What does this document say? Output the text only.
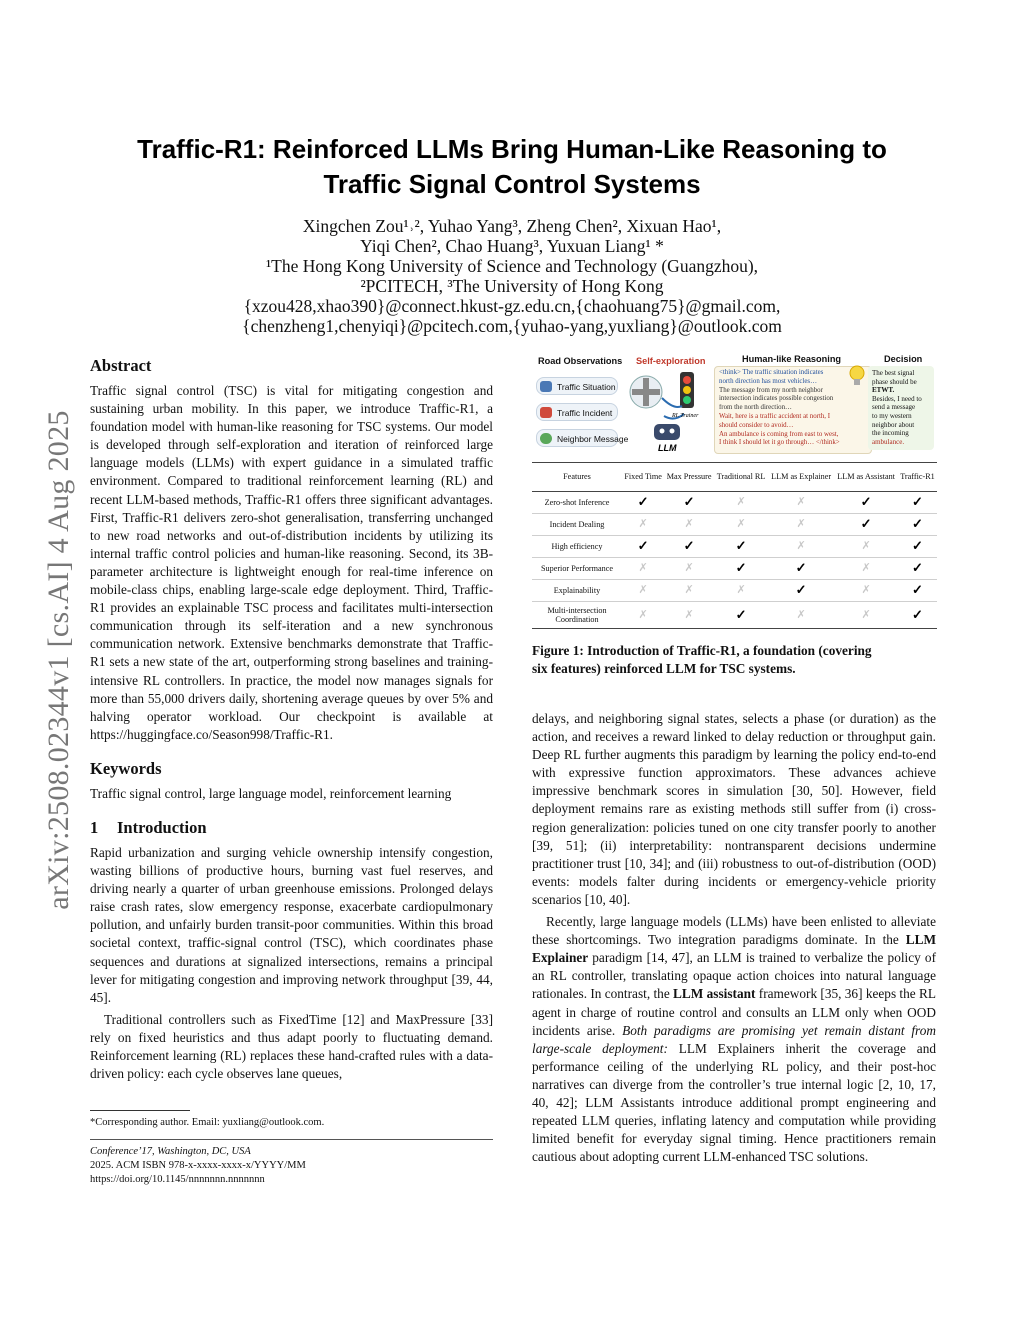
arXiv:2508.02344v1 [cs.AI] 4 Aug 2025
Traffic-R1: Reinforced LLMs Bring Human-Like Reasoning to
Traffic Signal Control Systems
Xingchen Zou¹˒², Yuhao Yang³, Zheng Chen², Xixuan Hao¹,
Yiqi Chen², Chao Huang³, Yuxuan Liang¹ *
¹The Hong Kong University of Science and Technology (Guangzhou),
²PCITECH, ³The University of Hong Kong
{xzou428,xhao390}@connect.hkust-gz.edu.cn,{chaohuang75}@gmail.com,
{chenzheng1,chenyiqi}@pcitech.com,{yuhao-yang,yuxliang}@outlook.com
Abstract

Traffic signal control (TSC) is vital for mitigating congestion and sustaining urban mobility. In this paper, we introduce Traffic-R1, a foundation model with human-like reasoning for TSC systems. Our model is developed through self-exploration and iteration of reinforced large language models (LLMs) with expert guidance in a simulated traffic environment. Compared to traditional reinforcement learning (RL) and recent LLM-based methods, Traffic-R1 offers three significant advantages. First, Traffic-R1 delivers zero-shot generalisation, transferring unchanged to new road networks and out-of-distribution incidents by utilizing its internal traffic control policies and human-like reasoning. Second, its 3B-parameter architecture is lightweight enough for real-time inference on mobile-class chips, enabling large-scale edge deployment. Third, Traffic-R1 provides an explainable TSC process and facilitates multi-intersection communication through its self-iteration and a new synchronous communication network. Extensive benchmarks demonstrate that Traffic-R1 sets a new state of the art, outperforming strong baselines and training-intensive RL controllers. In practice, the model now manages signals for more than 55,000 drivers daily, shortening average queues by over 5% and halving operator workload. Our checkpoint is available at https://huggingface.co/Season998/Traffic-R1.

Keywords

Traffic signal control, large language model, reinforcement learning

1 Introduction

Rapid urbanization and surging vehicle ownership intensify congestion, wasting billions of productive hours, burning vast fuel reserves, and driving nearly a quarter of urban greenhouse emissions. Prolonged delays raise crash rates, slow emergency response, exacerbate cardiopulmonary pollution, and unfairly burden transit-poor communities. Within this broad societal context, traffic-signal control (TSC), which coordinates phase sequences and durations at signalized intersections, remains a principal lever for mitigating congestion and improving network throughput [39, 44, 45].

Traditional controllers such as FixedTime [12] and MaxPressure [33] rely on fixed heuristics and thus adapt poorly to fluctuating demand. Reinforcement learning (RL) replaces these hand-crafted rules with a data-driven policy: each cycle observes lane queues,

*Corresponding author. Email: yuxliang@outlook.com.
Conference’17, Washington, DC, USA
2025. ACM ISBN 978-x-xxxx-xxxx-x/YYYY/MM
https://doi.org/10.1145/nnnnnnn.nnnnnnn
Road Observations Self-exploration	Human-like Reasoning	Decision
Traffic Situation
Traffic Incident
Neighbor Message
RL Trainer
LLM
<think> The traffic situation indicates
north direction has most vehicles…
The message from my north neighbor
intersection indicates possible congestion
from the north direction…
Wait, here is a traffic accident at north, I
should consider to avoid…
An ambulance is coming from east to west,
I think I should let it go through… </think>
The best signal
phase should be
ETWT.
Besides, I need to
send a message
to my western
neighbor about
the incoming
ambulance.
Features	Fixed Time	Max Pressure	Traditional RL	LLM as Explainer	LLM as Assistant	Traffic-R1
Zero-shot Inference	✓	✓	✗	✗	✓	✓
Incident Dealing	✗	✗	✗	✗	✓	✓
High efficiency	✓	✓	✓	✗	✗	✓
Superior Performance	✗	✗	✓	✓	✗	✓
Explainability	✗	✗	✗	✓	✗	✓
Multi-intersection Coordination	✗	✗	✓	✗	✗	✓
Figure 1: Introduction of Traffic-R1, a foundation (covering
six features) reinforced LLM for TSC systems.

delays, and neighboring signal states, selects a phase (or duration) as the action, and receives a reward linked to delay reduction or throughput gain. Deep RL further augments this paradigm by learning the policy end-to-end with expressive function approximators. These advances achieve impressive benchmark scores in simulation [30, 50]. However, field deployment remains rare as existing methods still suffer from (i) cross-region generalization: policies tuned on one city transfer poorly to another [39, 51]; (ii) interpretability: nontransparent decisions undermine practitioner trust [10, 34]; and (iii) robustness to out-of-distribution (OOD) events: models falter during incidents or emergency-vehicle priority scenarios [10, 40].

Recently, large language models (LLMs) have been enlisted to alleviate these shortcomings. Two integration paradigms dominate. In the LLM Explainer paradigm [14, 47], an LLM is trained to verbalize the policy of an RL controller, translating opaque action choices into natural language rationales. In contrast, the LLM assistant framework [35, 36] keeps the RL agent in charge of routine control and consults an LLM only when OOD incidents arise. Both paradigms are promising yet remain distant from large-scale deployment: LLM Explainers inherit the coverage and performance ceiling of the underlying RL policy, and their post-hoc narratives can diverge from the controller’s true internal logic [2, 10, 17, 40, 42]; LLM Assistants introduce additional prompt engineering and repeated LLM queries, inflating latency and computation while providing limited benefit for everyday signal timing. Hence practitioners remain cautious about adopting current LLM-enhanced TSC solutions.
